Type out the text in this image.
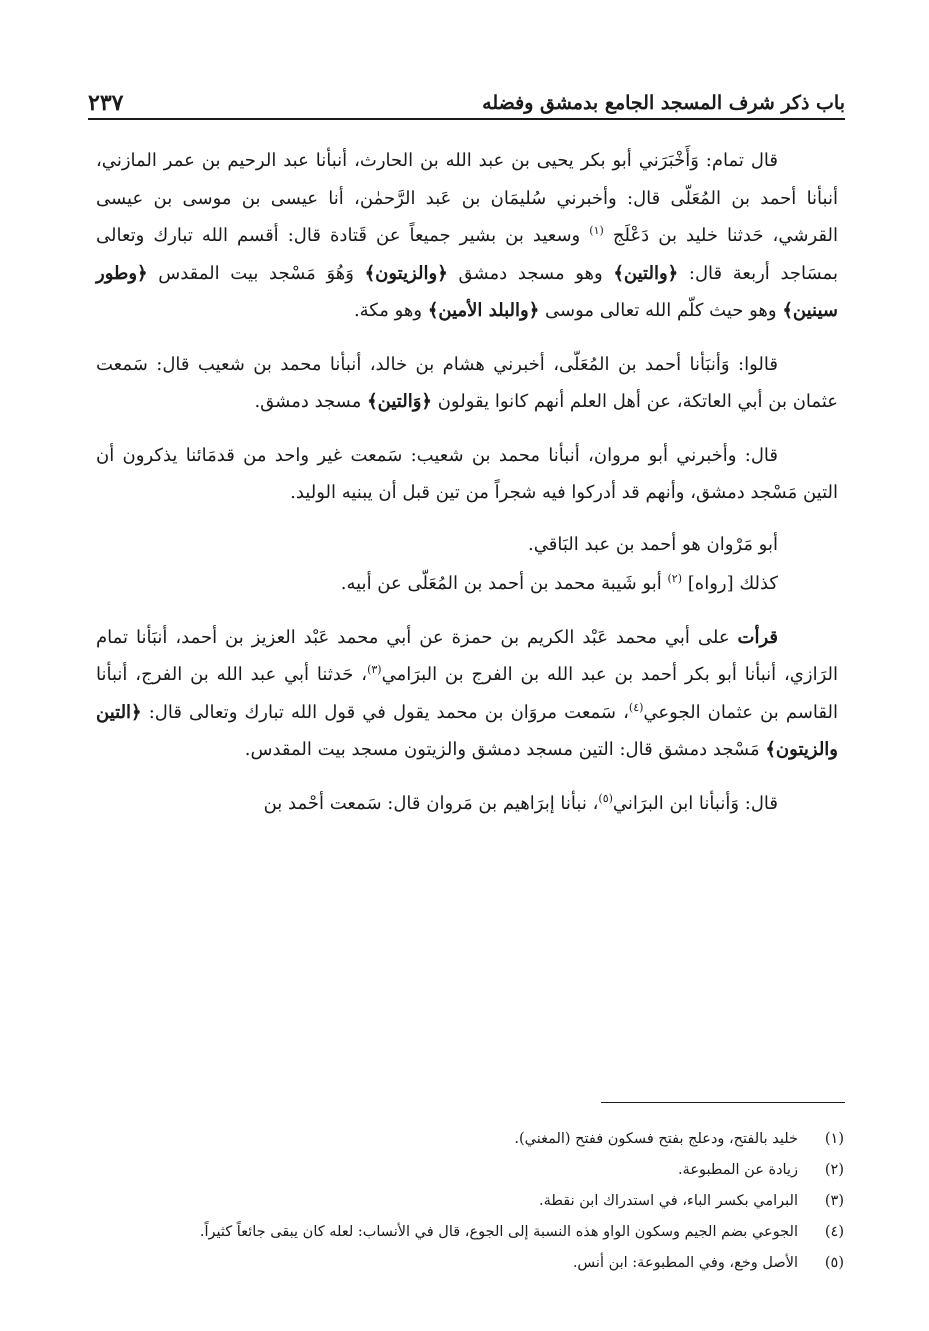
باب ذكر شرف المسجد الجامع بدمشق وفضله
٢٣٧

قال تمام: وَأَخْبَرَني أبو بكر يحيى بن عبد الله بن الحارث، أنبأنا عبد الرحيم بن عمر المازني، أنبأنا أحمد بن المُعَلّى قال: وأخبرني سُليمَان بن عَبد الرَّحمٰن، أنا عيسى بن موسى بن عيسى القرشي، حَدثنا خليد بن دَعْلَج $^{(١)}$ وسعيد بن بشير جميعاً عن قَتادة قال: أقسم الله تبارك وتعالى بمسَاجد أربعة قال: ﴿والتين﴾ وهو مسجد دمشق ﴿والزيتون﴾ وَهُوَ مَسْجد بيت المقدس ﴿وطور سينين﴾ وهو حيث كلّم الله تعالى موسى ﴿والبلد الأمين﴾ وهو مكة.

قالوا: وَأنبَأنا أحمد بن المُعَلّى، أخبرني هشام بن خالد، أنبأنا محمد بن شعيب قال: سَمعت عثمان بن أبي العاتكة، عن أهل العلم أنهم كانوا يقولون ﴿وَالتين﴾ مسجد دمشق.

قال: وأخبرني أبو مروان، أنبأنا محمد بن شعيب: سَمعت غير واحد من قدمَائنا يذكرون أن التين مَسْجد دمشق، وأنهم قد أدركوا فيه شجراً من تين قبل أن يبنيه الوليد.

أبو مَرْوان هو أحمد بن عبد البَاقي.

كذلك [رواه] $^{(٢)}$ أبو شَيبة محمد بن أحمد بن المُعَلّى عن أبيه.

قرأت على أبي محمد عَبْد الكريم بن حمزة عن أبي محمد عَبْد العزيز بن أحمد، أنبَأنا تمام الرَازي، أنبأنا أبو بكر أحمد بن عبد الله بن الفرج بن البرَامي$^{(٣)}$، حَدثنا أبي عبد الله بن الفرج، أنبأنا القاسم بن عثمان الجوعي$^{(٤)}$، سَمعت مروَان بن محمد يقول في قول الله تبارك وتعالى قال: ﴿التين والزيتون﴾ مَسْجد دمشق قال: التين مسجد دمشق والزيتون مسجد بيت المقدس.

قال: وَأنبأنا ابن البرَاني$^{(٥)}$، نبأنا إبرَاهيم بن مَروان قال: سَمعت أحْمد بن

(١)
خليد بالفتح، ودعلج بفتح فسكون ففتح (المغني).
(٢)
زيادة عن المطبوعة.
(٣)
البرامي بكسر الباء، في استدراك ابن نقطة.
(٤)
الجوعي بضم الجيم وسكون الواو هذه النسبة إلى الجوع، قال في الأنساب: لعله كان يبقى جائعاً كثيراً.
(٥)
الأصل وخع، وفي المطبوعة: ابن أنس.
